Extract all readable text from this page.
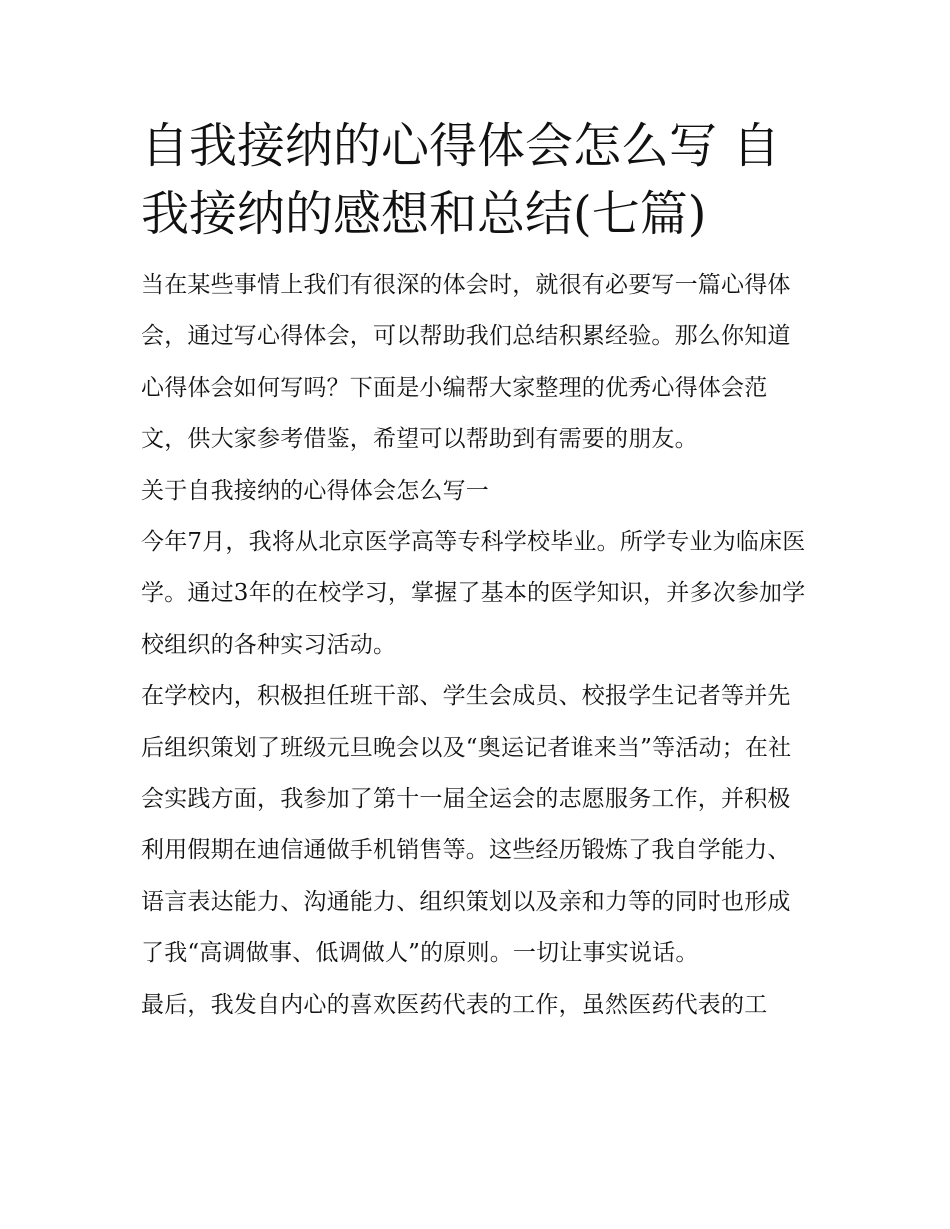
自我接纳的心得体会怎么写 自我接纳的感想和总结(七篇)

当在某些事情上我们有很深的体会时，就很有必要写一篇心得体会，通过写心得体会，可以帮助我们总结积累经验。那么你知道心得体会如何写吗？下面是小编帮大家整理的优秀心得体会范文，供大家参考借鉴，希望可以帮助到有需要的朋友。

关于自我接纳的心得体会怎么写一

今年7月，我将从北京医学高等专科学校毕业。所学专业为临床医学。通过3年的在校学习，掌握了基本的医学知识，并多次参加学校组织的各种实习活动。

在学校内，积极担任班干部、学生会成员、校报学生记者等并先后组织策划了班级元旦晚会以及“奥运记者谁来当”等活动；在社会实践方面，我参加了第十一届全运会的志愿服务工作，并积极利用假期在迪信通做手机销售等。这些经历锻炼了我自学能力、语言表达能力、沟通能力、组织策划以及亲和力等的同时也形成了我“高调做事、低调做人”的原则。一切让事实说话。

最后，我发自内心的喜欢医药代表的工作，虽然医药代表的工
